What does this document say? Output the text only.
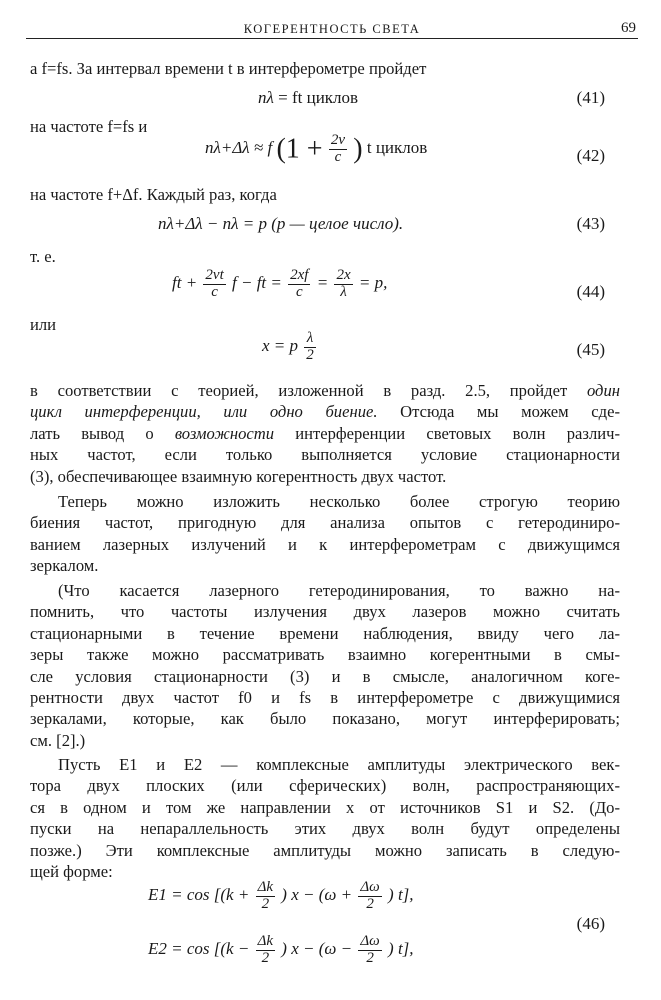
КОГЕРЕНТНОСТЬ СВЕТА	69
a f=fs. За интервал времени t в интерферометре пройдет
nλ = ft циклов	(41)
на частоте f=fs и
nλ+Δλ ≈ f ($1 + \frac{2v}{c}$ ) t циклов	(42)
на частоте f+Δf. Каждый раз, когда
nλ+Δλ − nλ = p (p — целое число).	(43)
т. е.
ft + $\frac{2vt}{c}$ f − ft = $\frac{2xf}{c} = \frac{2x}{\lambda} = p$,	(44)
или
x = p $\frac{\lambda}{2}$	(45)
в соответствии с теорией, изложенной в разд. 2.5, пройдет один
цикл интерференции, или одно биение. Отсюда мы можем сде-
лать вывод о возможности интерференции световых волн различ-
ных частот, если только выполняется условие стационарности
(3), обеспечивающее взаимную когерентность двух частот.
Теперь можно изложить несколько более строгую теорию
биения частот, пригодную для анализа опытов с гетеродиниро-
ванием лазерных излучений и к интерферометрам с движущимся
зеркалом.
(Что касается лазерного гетеродинирования, то важно на-
помнить, что частоты излучения двух лазеров можно считать
стационарными в течение времени наблюдения, ввиду чего ла-
зеры также можно рассматривать взаимно когерентными в смы-
сле условия стационарности (3) и в смысле, аналогичном коге-
рентности двух частот f0 и fs в интерферометре с движущимися
зеркалами, которые, как было показано, могут интерферировать;
см. [2].)
Пусть E1 и E2 — комплексные амплитуды электрического век-
тора двух плоских (или сферических) волн, распространяющих-
ся в одном и том же направлении x от источников S1 и S2. (До-
пуски на непараллельность этих двух волн будут определены
позже.) Эти комплексные амплитуды можно записать в следую-
щей форме:
$E1 = \cos [(k + \frac{\Delta k}{2}$ ) $x - (\omega + \frac{\Delta\omega}{2}$ ) t],
$E2 = \cos [(k - \frac{\Delta k}{2}$ ) $x - (\omega - \frac{\Delta\omega}{2}$ ) t],
(46)
